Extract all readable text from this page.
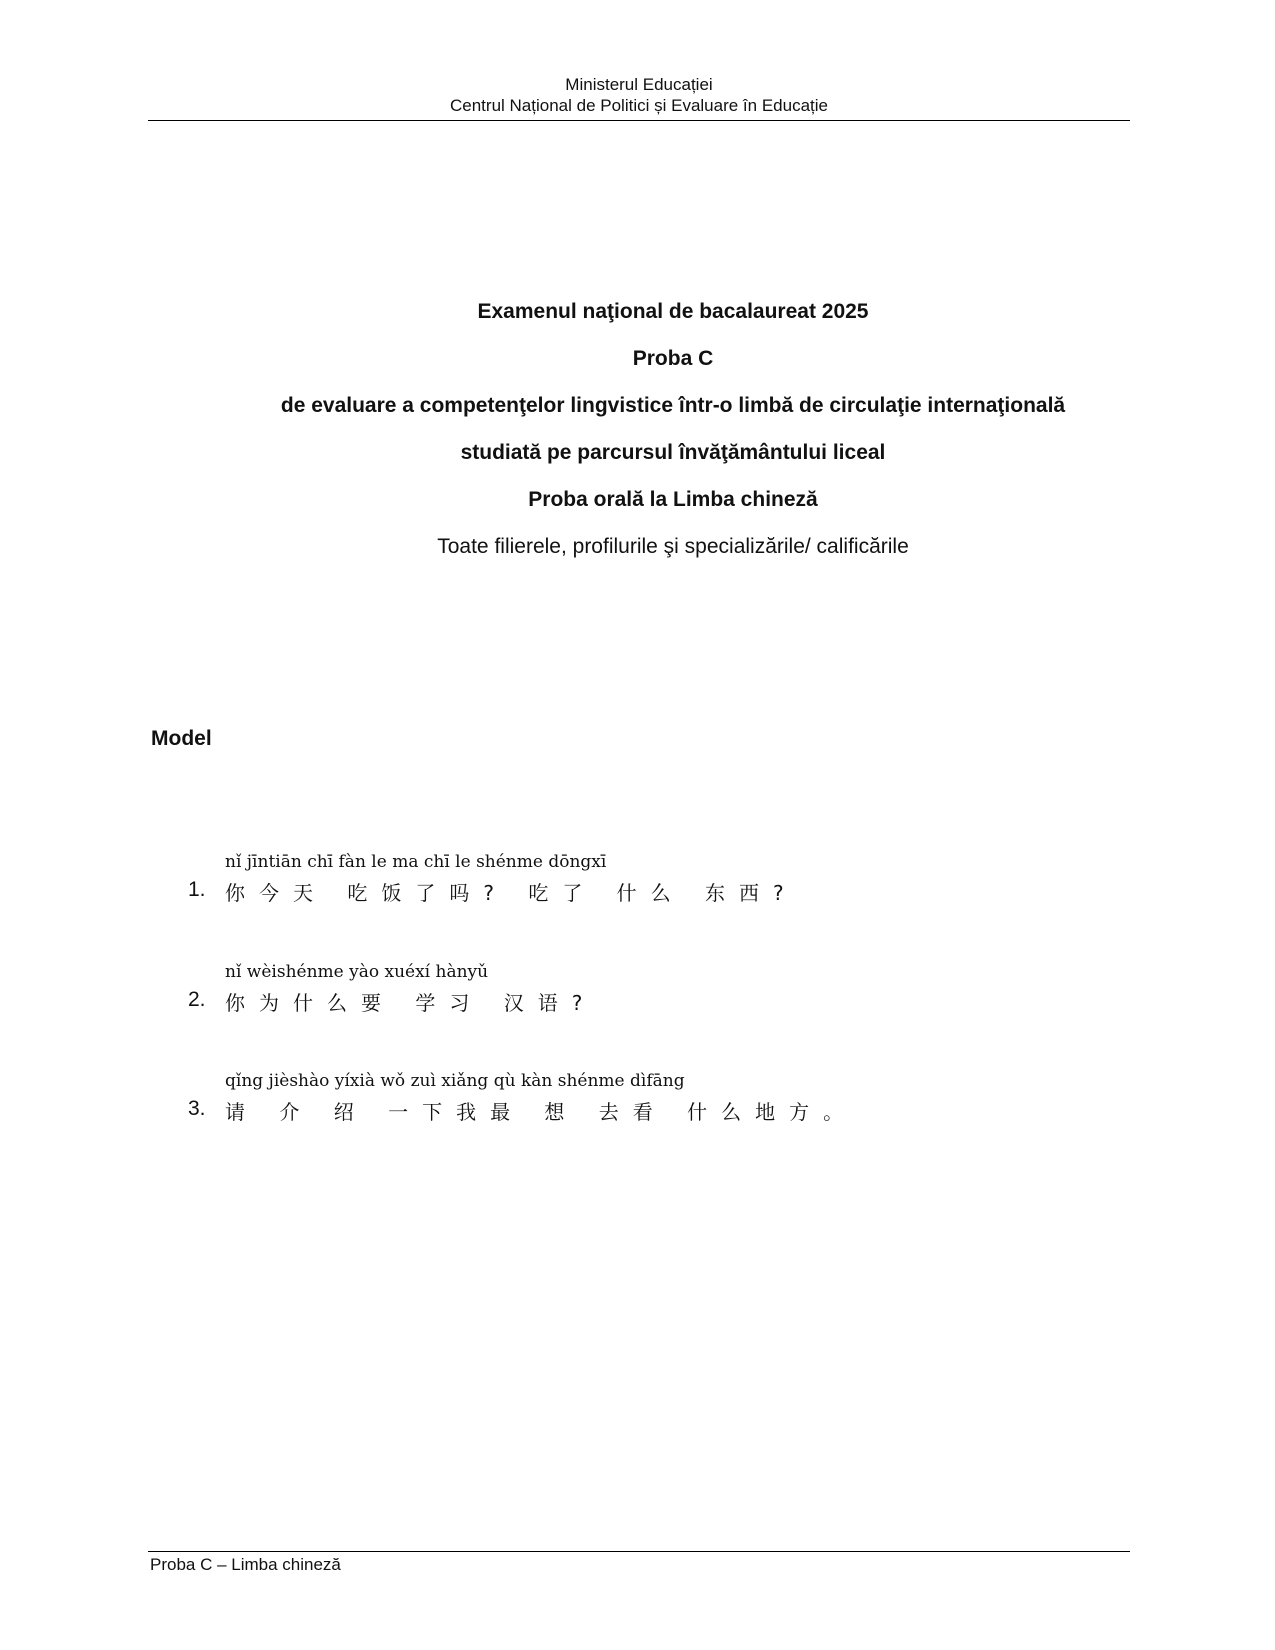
Ministerul Educației
Centrul Național de Politici și Evaluare în Educație
Examenul naţional de bacalaureat 2025
Proba C
de evaluare a competenţelor lingvistice într-o limbă de circulaţie internaţională
studiată pe parcursul învăţământului liceal
Proba orală la Limba chineză
Toate filierele, profilurile şi specializările/ calificările
Model
nǐ jīntiān chī fàn le ma chī le shénme dōngxī
1. 你今天 吃饭了吗? 吃了 什么 东西?
nǐ wèishénme yào xuéxí hànyǔ
2. 你为什么要 学习 汉语?
qǐng jièshào yíxià wǒ zuì xiǎng qù kàn shénme dìfāng
3. 请 介 绍 一下我最 想 去看 什么地方。
Proba C – Limba chineză
